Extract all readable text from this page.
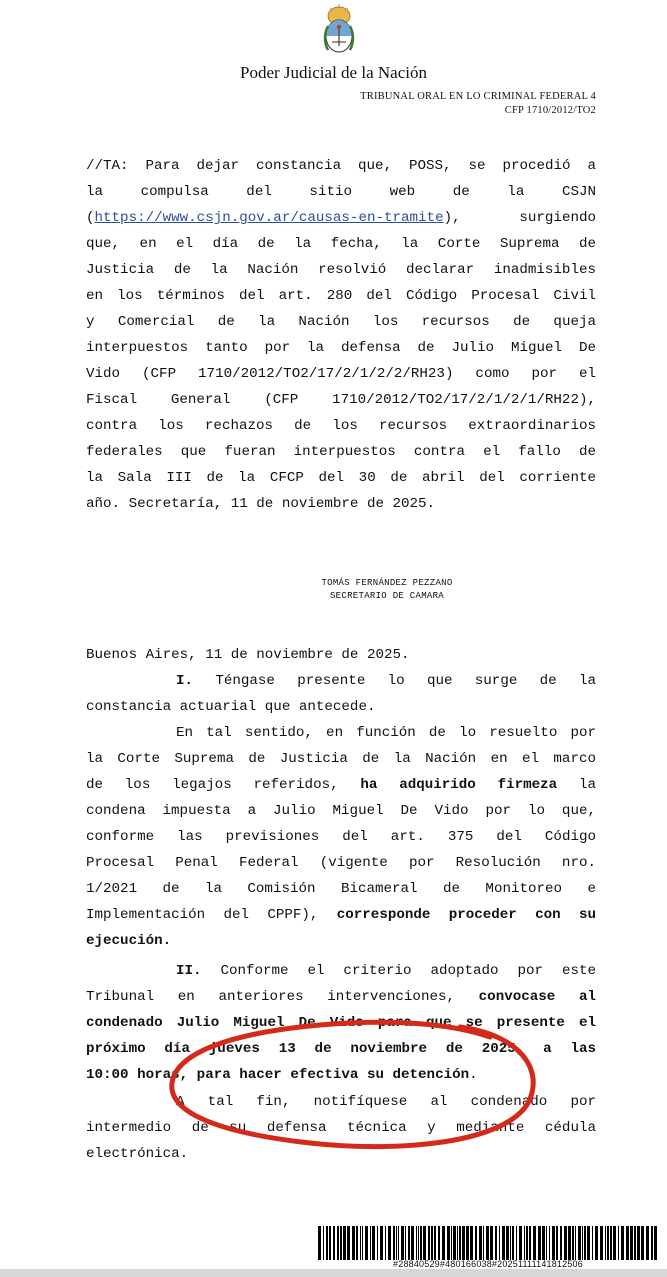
Poder Judicial de la Nación
TRIBUNAL ORAL EN LO CRIMINAL FEDERAL 4
CFP 1710/2012/TO2
//TA: Para dejar constancia que, POSS, se procedió a
la compulsa del sitio web de la CSJN
(https://www.csjn.gov.ar/causas-en-tramite), surgiendo
que, en el día de la fecha, la Corte Suprema de
Justicia de la Nación resolvió declarar inadmisibles
en los términos del art. 280 del Código Procesal Civil
y Comercial de la Nación los recursos de queja
interpuestos tanto por la defensa de Julio Miguel De
Vido (CFP 1710/2012/TO2/17/2/1/2/2/RH23) como por el
Fiscal General (CFP 1710/2012/TO2/17/2/1/2/1/RH22),
contra los rechazos de los recursos extraordinarios
federales que fueran interpuestos contra el fallo de
la Sala III de la CFCP del 30 de abril del corriente
año. Secretaría, 11 de noviembre de 2025.
TOMÁS FERNÁNDEZ PEZZANO
SECRETARIO DE CAMARA
Buenos Aires, 11 de noviembre de 2025.
I. Téngase presente lo que surge de la
constancia actuarial que antecede.
En tal sentido, en función de lo resuelto por
la Corte Suprema de Justicia de la Nación en el marco
de los legajos referidos, ha adquirido firmeza la
condena impuesta a Julio Miguel De Vido por lo que,
conforme las previsiones del art. 375 del Código
Procesal Penal Federal (vigente por Resolución nro.
1/2021 de la Comisión Bicameral de Monitoreo e
Implementación del CPPF), corresponde proceder con su
ejecución.
II. Conforme el criterio adoptado por este
Tribunal en anteriores intervenciones, convocase al
condenado Julio Miguel De Vido para que se presente el
próximo día jueves 13 de noviembre de 2025, a las
10:00 horas, para hacer efectiva su detención.
A tal fin, notifíquese al condenado por
intermedio de su defensa técnica y mediante cédula
electrónica.
#28840529#480166038#20251111141812506
